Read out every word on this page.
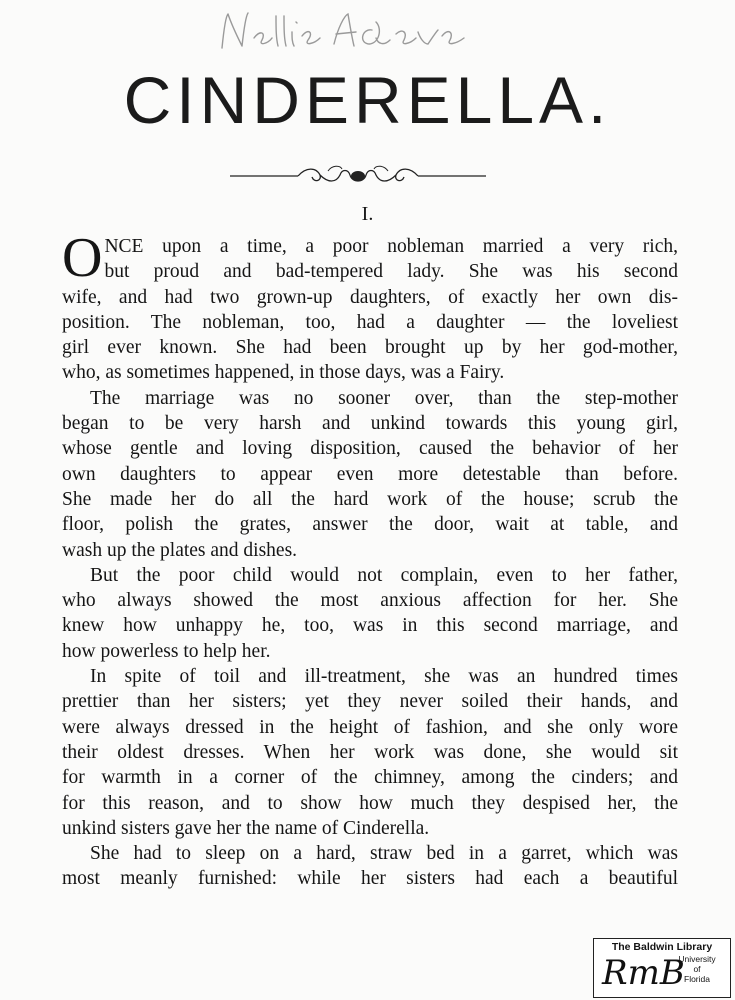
CINDERELLA.

I.

O NCE upon a time, a poor nobleman married a very rich,
but proud and bad-tempered lady. She was his second
wife, and had two grown-up daughters, of exactly her own dis-
position. The nobleman, too, had a daughter — the loveliest
girl ever known. She had been brought up by her god-mother,
who, as sometimes happened, in those days, was a Fairy.
The marriage was no sooner over, than the step-mother
began to be very harsh and unkind towards this young girl,
whose gentle and loving disposition, caused the behavior of her
own daughters to appear even more detestable than before.
She made her do all the hard work of the house; scrub the
floor, polish the grates, answer the door, wait at table, and
wash up the plates and dishes.
But the poor child would not complain, even to her father,
who always showed the most anxious affection for her. She
knew how unhappy he, too, was in this second marriage, and
how powerless to help her.
In spite of toil and ill-treatment, she was an hundred times
prettier than her sisters; yet they never soiled their hands, and
were always dressed in the height of fashion, and she only wore
their oldest dresses. When her work was done, she would sit
for warmth in a corner of the chimney, among the cinders; and
for this reason, and to show how much they despised her, the
unkind sisters gave her the name of Cinderella.
She had to sleep on a hard, straw bed in a garret, which was
most meanly furnished: while her sisters had each a beautiful
The Baldwin Library
RmB
University
of
Florida
